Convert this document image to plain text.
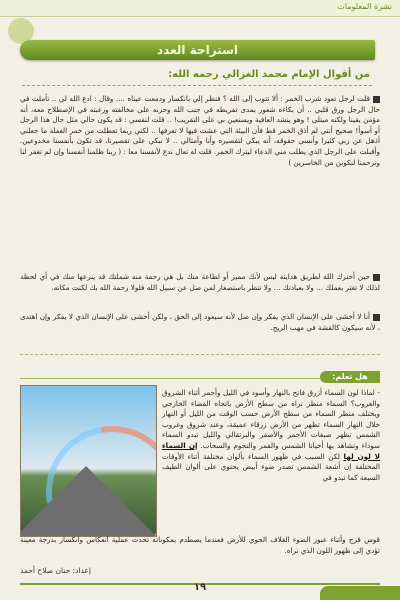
نشرة المعلومات
استراحة العدد
من أقوال الإمام محمد الغزالي رحمه الله:
قلت لرجل تعود شرب الخمر : ألا تتوب إلى الله ؟ فنظر إلي بانكسار ودمعت عيناه .... وقال : ادع الله لي .. تأملت في حال الرجل ورق قلبي .. أن بكاءه شعور بمدى تفريطه في جنب الله وحزنه على مخالفته ورغبته في الإصطلاح معه، أنه مؤمن يقينا ولكنه مبتلى ! وهو ينشد العافية ويستعين بي على التقريب! .. قلت لنفسي : قد يكون حالي مثل حال هذا الرجل أو أسوأ! صحيح أنني لم أذق الخمر قط فأن البيئة التي عشت فيها لا تعرفها .. لكني ربما تعطلت من خمر الغفلة ما جعلني أذهل عن ربي كثيرا وأنسى حقوقه، أنه يبكي لتقصيره وأنا وأمثالي .. لا نبكي على تقصيرنا، قد تكون بأنفسنا مخدوعين. وأقبلت على الرجل الذي يطلب مني الدعاء ليترك الخمر. قلت له تعال ندع لأنفسنا معا : ( ربنا ظلمنا أنفسنا وإن لم تغفر لنا وترحمنا لنكونن من الخاسرين )
حين أخترك الله لطريق هدايته ليس لأنك مميز أو لطاعة منك بل هي رحمة منه شملتك قد ينزعها منك في أي لحظة لذلك لا تغتر بعملك ... ولا بعبادتك ... ولا تنظر باستصغار لمن ضل عن سبيل الله فلولا رحمة الله بك لكنت مكانه.
أنا لا أخشى على الإنسان الذي يفكر وإن ضل لأنه سيعود إلى الحق ، ولكن أخشى على الإنسان الذي لا يفكر وإن اهتدى ، لأنه سيكون كالقشة في مهب الريح.
هل تعلم:
- لماذا لون السماء أزرق فاتح بالنهار وأسود في الليل وأحمر أثناء الشروق والغروب؟ السماء منظر نراه من سطح الأرض باتجاه الفضاء الخارجي ويختلف منظر السماء من سطح الأرض حسب الوقت من الليل أو النهار خلال النهار السماء تظهر من الأرض زرقاء عميقة، وعند شروق وغروب الشمس تظهر صبغات الأحمر والأصفر والبرتقالي والليل تبدو السماء سوداء وتشاهد بها أحيانا الشمس والقمر والنجوم والسحاب. إن السماء لا لون لها لكن السبب في ظهور السماء بألوان مختلفة أثناء الأوقات المختلفة إن أشعة الشمس تصدر ضوء أبيض يحتوي على ألوان الطيف السبعة كما تبدو في
قوس قزح وأثناء عبور الضوء الغلاف الجوي للأرض فعندما يصطدم بمكوناته تحدث عملية انعكاس وانكسار بدرجة معينة تؤدي إلى ظهور اللون الذي نراه.
إعداد: حنان صلاح أحمد
١٩
